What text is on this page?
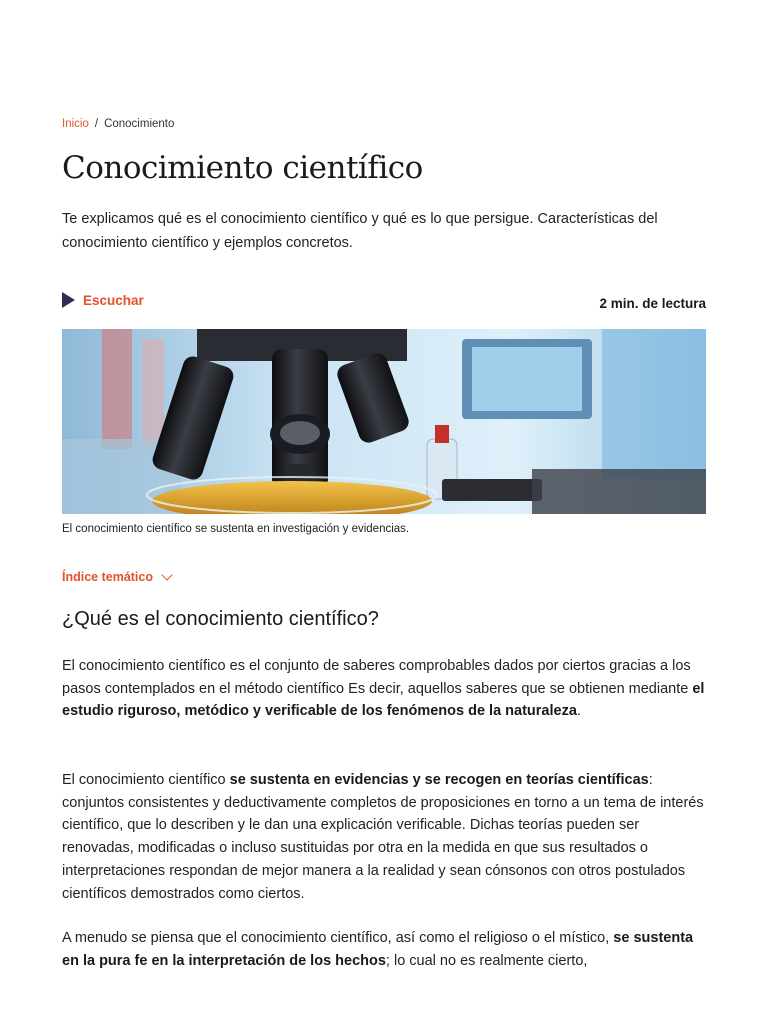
Inicio / Conocimiento
Conocimiento científico

Te explicamos qué es el conocimiento científico y qué es lo que persigue. Características del conocimiento científico y ejemplos concretos.

Escuchar	2 min. de lectura

El conocimiento científico se sustenta en investigación y evidencias.

Índice temático
¿Qué es el conocimiento científico?

El conocimiento científico es el conjunto de saberes comprobables dados por ciertos gracias a los pasos contemplados en el método científico Es decir, aquellos saberes que se obtienen mediante el estudio riguroso, metódico y verificable de los fenómenos de la naturaleza.

El conocimiento científico se sustenta en evidencias y se recogen en teorías científicas: conjuntos consistentes y deductivamente completos de proposiciones en torno a un tema de interés científico, que lo describen y le dan una explicación verificable. Dichas teorías pueden ser renovadas, modificadas o incluso sustituidas por otra en la medida en que sus resultados o interpretaciones respondan de mejor manera a la realidad y sean cónsonos con otros postulados científicos demostrados como ciertos.

A menudo se piensa que el conocimiento científico, así como el religioso o el místico, se sustenta en la pura fe en la interpretación de los hechos; lo cual no es realmente cierto,
